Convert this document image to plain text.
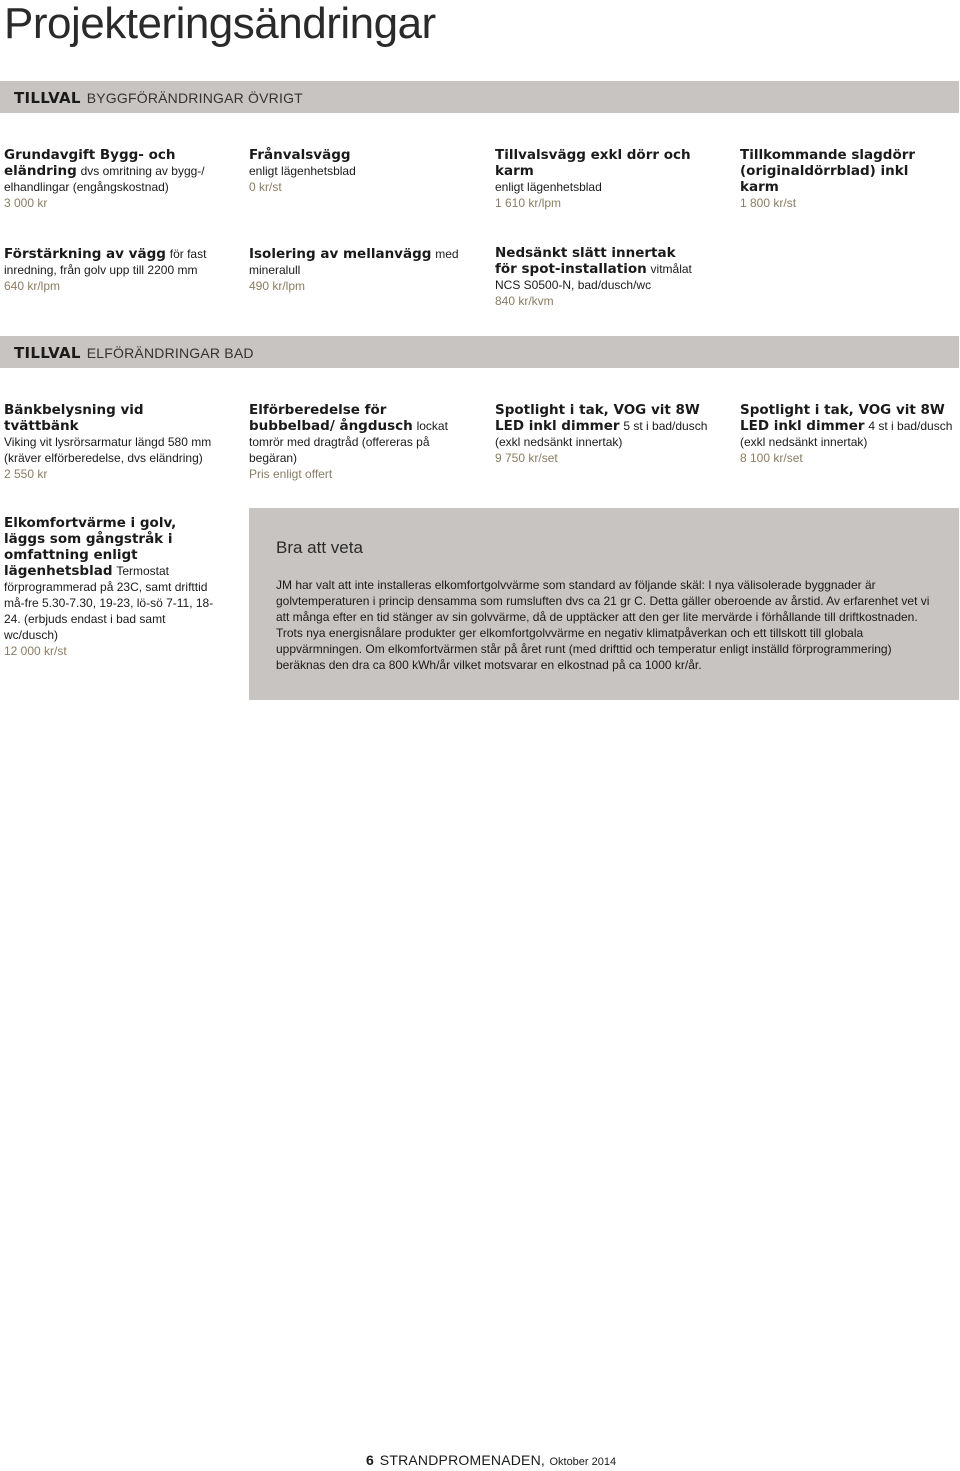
Projekteringsändringar
TILLVAL BYGGFÖRÄNDRINGAR ÖVRIGT
Grundavgift Bygg- och eländring dvs omritning av bygg-/ elhandlingar (engångskostnad)
3 000 kr
Frånvalsvägg
enligt lägenhetsblad
0 kr/st
Tillvalsvägg exkl dörr och karm
enligt lägenhetsblad
1 610 kr/lpm
Tillkommande slagdörr (originaldörrblad) inkl karm
1 800 kr/st
Förstärkning av vägg för fast inredning, från golv upp till 2200 mm
640 kr/lpm
Isolering av mellanvägg med mineralull
490 kr/lpm
Nedsänkt slätt innertak för spot-installation vitmålat NCS S0500-N, bad/dusch/wc
840 kr/kvm
TILLVAL ELFÖRÄNDRINGAR BAD
Bänkbelysning vid tvättbänk
Viking vit lysrörsarmatur längd 580 mm (kräver elförberedelse, dvs eländring)
2 550 kr
Elförberedelse för bubbelbad/ ångdusch lockat tomrör med dragtråd (offereras på begäran)
Pris enligt offert
Spotlight i tak, VOG vit 8W LED inkl dimmer 5 st i bad/dusch (exkl nedsänkt innertak)
9 750 kr/set
Spotlight i tak, VOG vit 8W LED inkl dimmer 4 st i bad/dusch (exkl nedsänkt innertak)
8 100 kr/set
Elkomfortvärme i golv, läggs som gångstråk i omfattning enligt lägenhetsblad Termostat förprogrammerad på 23C, samt drifttid må-fre 5.30-7.30, 19-23, lö-sö 7-11, 18-24. (erbjuds endast i bad samt wc/dusch)
12 000 kr/st
Bra att veta
JM har valt att inte installeras elkomfortgolvvärme som standard av följande skäl: I nya välisolerade byggnader är golvtemperaturen i princip densamma som rumsluften dvs ca 21 gr C. Detta gäller oberoende av årstid. Av erfarenhet vet vi att många efter en tid stänger av sin golvvärme, då de upptäcker att den ger lite mervärde i förhållande till driftkostnaden. Trots nya energisnålare produkter ger elkomfortgolvvärme en negativ klimatpåverkan och ett tillskott till globala uppvärmningen. Om elkomfortvärmen står på året runt (med drifttid och temperatur enligt inställd förprogrammering) beräknas den dra ca 800 kWh/år vilket motsvarar en elkostnad på ca 1000 kr/år.
6 STRANDPROMENADEN, Oktober 2014
